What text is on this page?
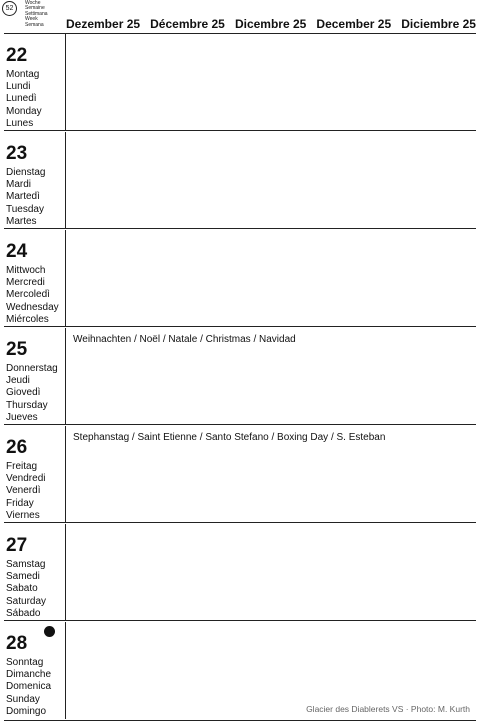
52
Woche
Semaine
Settimana
Week
Semana	Dezember 25 Décembre 25 Dicembre 25 December 25 Diciembre 25
22
Montag
Lundi
Lunedì
Monday
Lunes
23
Dienstag
Mardi
Martedì
Tuesday
Martes
24
Mittwoch
Mercredi
Mercoledì
Wednesday
Miércoles
25
Donnerstag
Jeudi
Giovedì
Thursday
Jueves
Weihnachten / Noël / Natale / Christmas / Navidad
26
Freitag
Vendredi
Venerdì
Friday
Viernes
Stephanstag / Saint Etienne / Santo Stefano / Boxing Day / S. Esteban
27
Samstag
Samedi
Sabato
Saturday
Sábado
28
Sonntag
Dimanche
Domenica
Sunday
Domingo	Glacier des Diablerets VS · Photo: M. Kurth
